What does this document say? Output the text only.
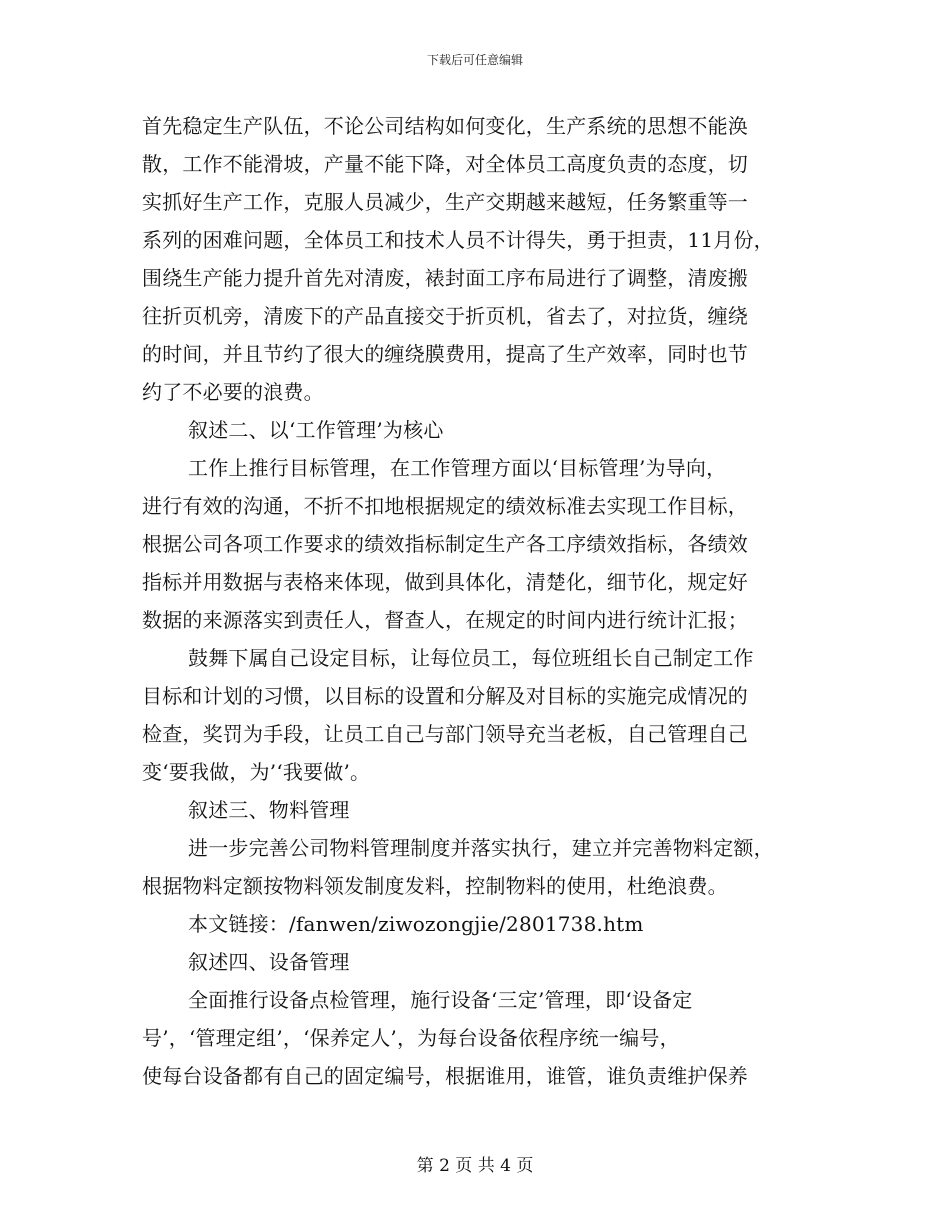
下载后可任意编辑
首先稳定生产队伍，不论公司结构如何变化，生产系统的思想不能涣
散，工作不能滑坡，产量不能下降，对全体员工高度负责的态度，切
实抓好生产工作，克服人员减少，生产交期越来越短，任务繁重等一
系列的困难问题，全体员工和技术人员不计得失，勇于担责，11月份，
围绕生产能力提升首先对清废，裱封面工序布局进行了调整，清废搬
往折页机旁，清废下的产品直接交于折页机，省去了，对拉货，缠绕
的时间，并且节约了很大的缠绕膜费用，提高了生产效率，同时也节
约了不必要的浪费。
叙述二、以‘工作管理’为核心
工作上推行目标管理，在工作管理方面以‘目标管理’为导向，
进行有效的沟通，不折不扣地根据规定的绩效标准去实现工作目标，
根据公司各项工作要求的绩效指标制定生产各工序绩效指标，各绩效
指标并用数据与表格来体现，做到具体化，清楚化，细节化，规定好
数据的来源落实到责任人，督查人，在规定的时间内进行统计汇报；
鼓舞下属自己设定目标，让每位员工，每位班组长自己制定工作
目标和计划的习惯，以目标的设置和分解及对目标的实施完成情况的
检查，奖罚为手段，让员工自己与部门领导充当老板，自己管理自己
变‘要我做，为’‘我要做’。
叙述三、物料管理
进一步完善公司物料管理制度并落实执行，建立并完善物料定额，
根据物料定额按物料领发制度发料，控制物料的使用，杜绝浪费。
本文链接：/fanwen/ziwozongjie/2801738.htm
叙述四、设备管理
全面推行设备点检管理，施行设备‘三定’管理，即‘设备定
号’，‘管理定组’，‘保养定人’，为每台设备依程序统一编号，
使每台设备都有自己的固定编号，根据谁用，谁管，谁负责维护保养
第 2 页 共 4 页
